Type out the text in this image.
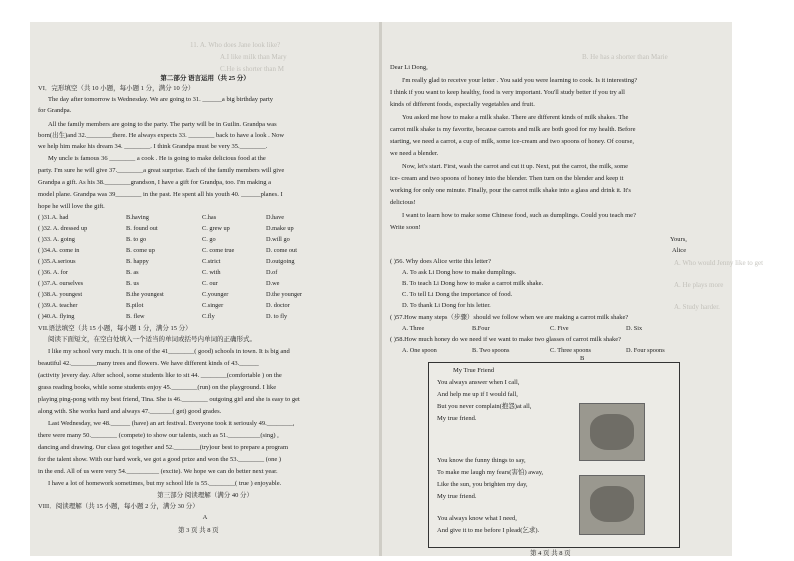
11. A. Who does Jane look like?
A.I like milk than Mary
C.He is shorter than M
第二部分 语言运用（共 25 分）
VI．完形填空（共 10 小题，每小题 1 分，满分 10 分）
The day after tomorrow is Wednesday. We are going to 31. ______a big birthday party
for Grandpa.
All the family members are going to the party. The party will be in Guilin. Grandpa was
born(出生)and 32.________there. He always expects 33. ________ back to have a look . Now
we help him make his dream 34. ________. I think Grandpa must be very 35.________.
My uncle is famous 36 ________ a cook . He is going to make delicious food at the
party. I'm sure he will give 37.________a great surprise. Each of the family members will give
Grandpa a gift. As his 38.________grandson, I have a gift for Grandpa, too. I'm making a
model plane. Grandpa was 39________ in the past. He spent all his youth 40. ______planes. I
hope he will love the gift.
( )31.A. had	B.having	C.has	D.have
( )32. A. dressed up	B. found out	C. grew up	D.make up
( )33. A. going	B. to go	C. go	D.will go
( )34.A. come in	B. come up	C. come true	D. come out
( )35.A.serious	B. happy	C.strict	D.outgoing
( )36. A. for	B. as	C. with	D.of
( )37.A. ourselves	B. us	C. our	D.we
( )38.A. youngest	B.the youngest	C.younger	D.the younger
( )39.A. teacher	B.pilot	C.singer	D. doctor
( )40.A. flying	B. flew	C.fly	D. to fly
VII.语法填空（共 15 小题，每小题 1 分，满分 15 分）
阅读下面短文，在空白处填入一个适当的单词或括号内单词的正确形式。
I like my school very much. It is one of the 41________( good) schools in town. It is big and
beautiful 42.________many trees and flowers. We have different kinds of 43.______
(activity )every day. After school, some students like to sit 44. ________(comfortable ) on the
grass reading books, while some students enjoy 45.________(run) on the playground. I like
playing ping-pong with my best friend, Tina. She is 46.________ outgoing girl and she is easy to get
along with. She works hard and always 47._______( get) good grades.
Last Wednesday, we 48.______ (have) an art festival. Everyone took it seriously 49.________,
there were many 50.________ (compete) to show our talents, such as 51.__________(sing) ,
dancing and drawing. Our class got together and 52.________(try)our best to prepare a program
for the talent show. With our hard work, we got a good prize and won the 53.________ (one )
in the end. All of us were very 54.__________ (excite). We hope we can do better next year.
I have a lot of homework sometimes, but my school life is 55.________( true ) enjoyable.
第三部分 阅读理解（满分 40 分）
VIII．阅读理解（共 15 小题，每小题 2 分，满分 30 分）
A
第 3 页 共 8 页
B. He has a shorter than Marie
A. Who would Jenny like to get
A. He plays more
A. Study harder.
Dear Li Dong,
I'm really glad to receive your letter . You said you were learning to cook. Is it interesting?
I think if you want to keep healthy, food is very important. You'll study better if you try all
kinds of different foods, especially vegetables and fruit.
You asked me how to make a milk shake. There are different kinds of milk shakes. The
carrot milk shake is my favorite, because carrots and milk are both good for my health. Before
starting, we need a carrot, a cup of milk, some ice-cream and two spoons of honey. Of course,
we need a blender.
Now, let's start. First, wash the carrot and cut it up. Next, put the carrot, the milk, some
ice- cream and two spoons of honey into the blender. Then turn on the blender and keep it
working for only one minute. Finally, pour the carrot milk shake into a glass and drink it. It's
delicious!
I want to learn how to make some Chinese food, such as dumplings. Could you teach me?
Write soon!
Yours,
Alice
( )56. Why does Alice write this letter?
A. To ask Li Dong how to make dumplings.
B. To teach Li Dong how to make a carrot milk shake.
C. To tell Li Dong the importance of food.
D. To thank Li Dong for his letter.
( )57.How many steps（步骤）should we follow when we are making a carrot milk shake?
A. Three	B.Four	C. Five	D. Six
( )58.How much honey do we need if we want to make two glasses of carrot milk shake?
A. One spoon	B. Two spoons	C. Three spoons	D. Four spoons
B
My True Friend
You always answer when I call,
And help me up if I would fall,
But you never complain(抱怨)at all,
My true friend.
You know the funny things to say,
To make me laugh my fears(害怕) away,
Like the sun, you brighten my day,
My true friend.
You always know what I need,
And give it to me before I plead(乞求).
第 4 页 共 8 页
